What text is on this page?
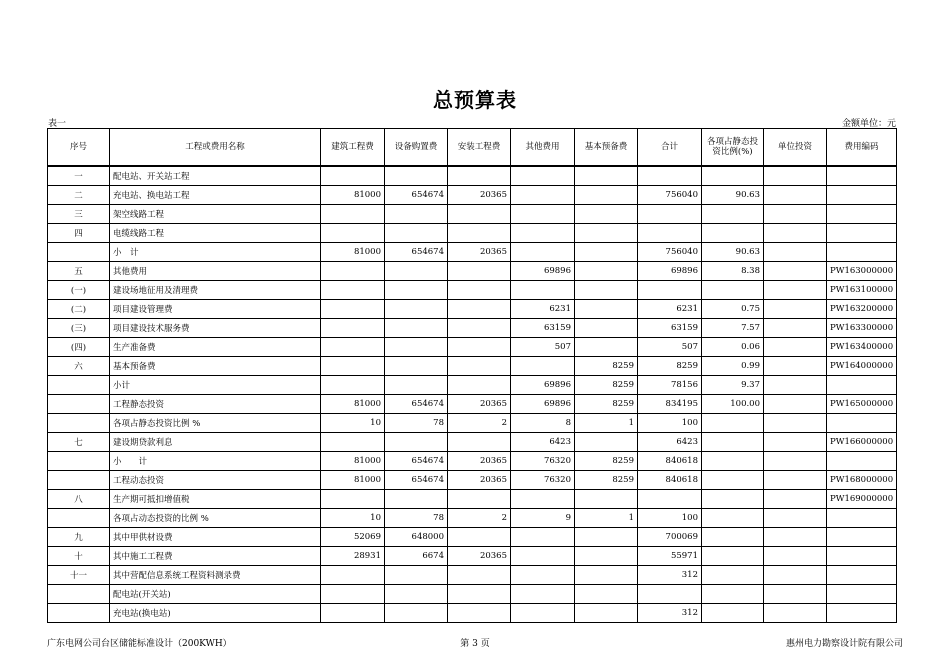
总预算表
表一	金额单位：元
序号	工程或费用名称	建筑工程费	设备购置费	安装工程费	其他费用	基本预备费	合计	各项占静态投资比例(%)	单位投资	费用编码
一	配电站、开关站工程									
二	充电站、换电站工程	81000	654674	20365			756040	90.63		
三	架空线路工程									
四	电缆线路工程									
	小　计	81000	654674	20365			756040	90.63		
五	其他费用				69896		69896	8.38		PW163000000
(一)	建设场地征用及清理费									PW163100000
(二)	项目建设管理费				6231		6231	0.75		PW163200000
(三)	项目建设技术服务费				63159		63159	7.57		PW163300000
(四)	生产准备费				507		507	0.06		PW163400000
六	基本预备费					8259	8259	0.99		PW164000000
	小计				69896	8259	78156	9.37		
	工程静态投资	81000	654674	20365	69896	8259	834195	100.00		PW165000000
	各项占静态投资比例 %	10	78	2	8	1	100			
七	建设期贷款利息				6423		6423			PW166000000
	小　　计	81000	654674	20365	76320	8259	840618			
	工程动态投资	81000	654674	20365	76320	8259	840618			PW168000000
八	生产期可抵扣增值税									PW169000000
	各项占动态投资的比例 %	10	78	2	9	1	100			
九	其中甲供材设费	52069	648000				700069			
十	其中施工工程费	28931	6674	20365			55971			
十一	其中营配信息系统工程资料测录费						312			
	配电站(开关站)									
	充电站(换电站)						312			
广东电网公司台区储能标准设计（200KWH）	第 3 页	惠州电力勘察设计院有限公司
